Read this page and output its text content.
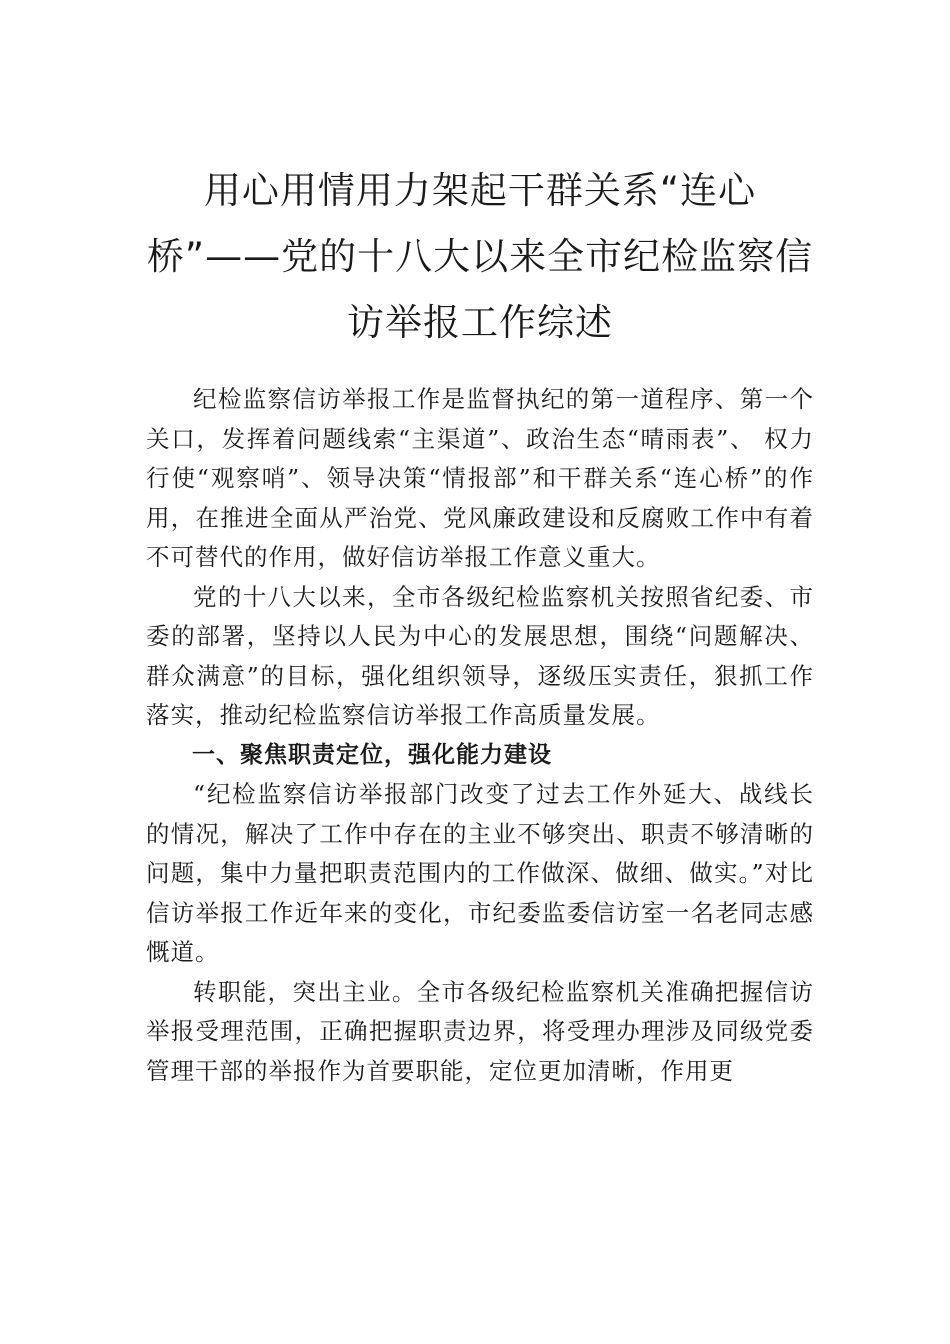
用心用情用力架起干群关系“连心桥”——党的十八大以来全市纪检监察信访举报工作综述

纪检监察信访举报工作是监督执纪的第一道程序、第一个关口，发挥着问题线索“主渠道”、政治生态“晴雨表”、 权力行使“观察哨”、领导决策“情报部”和干群关系“连心桥”的作用，在推进全面从严治党、党风廉政建设和反腐败工作中有着不可替代的作用，做好信访举报工作意义重大。

党的十八大以来，全市各级纪检监察机关按照省纪委、市委的部署，坚持以人民为中心的发展思想，围绕“问题解决、群众满意”的目标，强化组织领导，逐级压实责任，狠抓工作落实，推动纪检监察信访举报工作高质量发展。

一、聚焦职责定位，强化能力建设

“纪检监察信访举报部门改变了过去工作外延大、战线长的情况，解决了工作中存在的主业不够突出、职责不够清晰的问题，集中力量把职责范围内的工作做深、做细、做实。”对比信访举报工作近年来的变化，市纪委监委信访室一名老同志感慨道。

转职能，突出主业。全市各级纪检监察机关准确把握信访举报受理范围，正确把握职责边界，将受理办理涉及同级党委管理干部的举报作为首要职能，定位更加清晰，作用更
